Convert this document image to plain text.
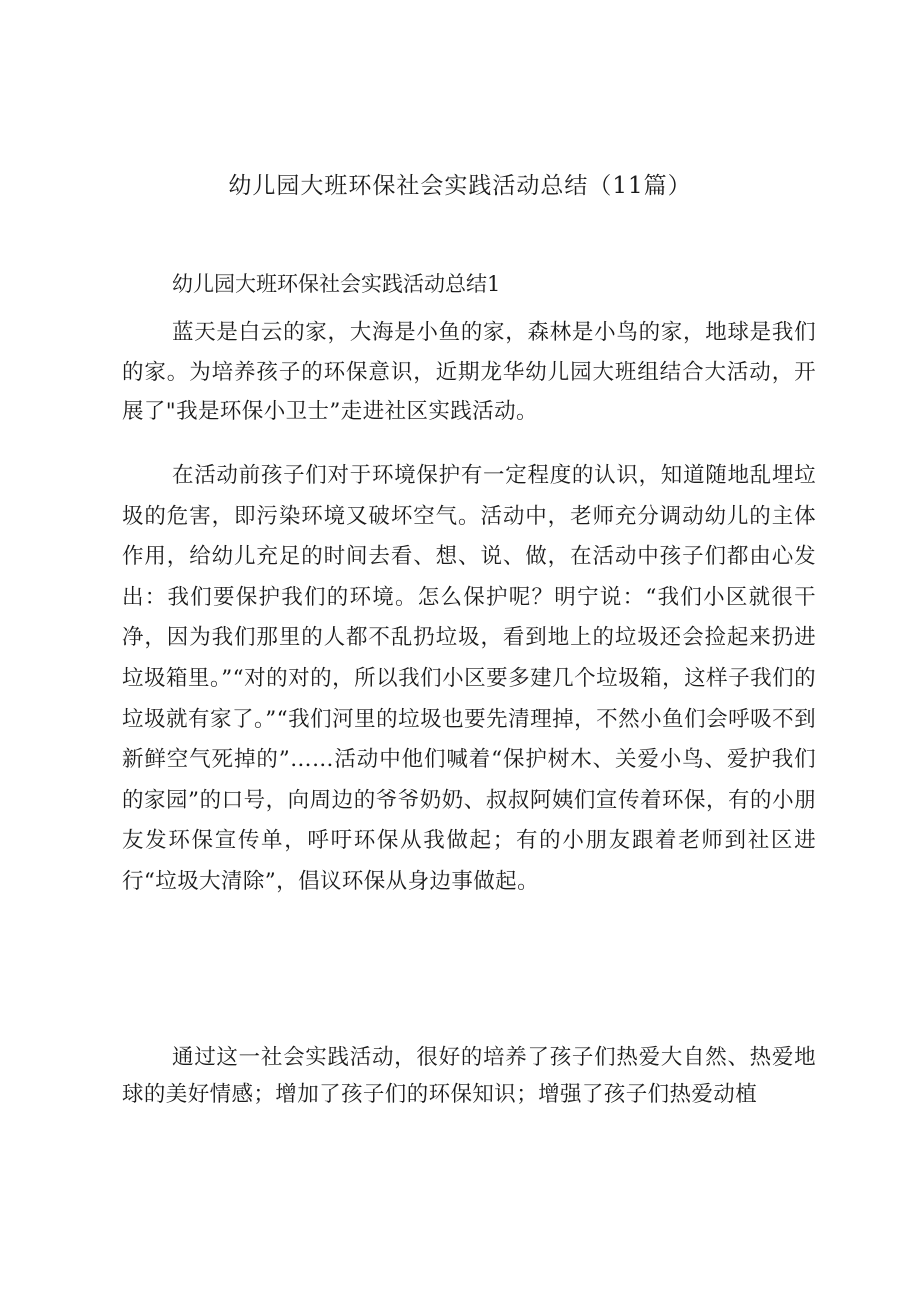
幼儿园大班环保社会实践活动总结（11篇）
幼儿园大班环保社会实践活动总结1

蓝天是白云的家，大海是小鱼的家，森林是小鸟的家，地球是我们的家。为培养孩子的环保意识，近期龙华幼儿园大班组结合大活动，开展了"我是环保小卫士”走进社区实践活动。

在活动前孩子们对于环境保护有一定程度的认识，知道随地乱埋垃圾的危害，即污染环境又破坏空气。活动中，老师充分调动幼儿的主体作用，给幼儿充足的时间去看、想、说、做，在活动中孩子们都由心发出：我们要保护我们的环境。怎么保护呢？明宁说：“我们小区就很干净，因为我们那里的人都不乱扔垃圾，看到地上的垃圾还会捡起来扔进垃圾箱里。”“对的对的，所以我们小区要多建几个垃圾箱，这样子我们的垃圾就有家了。”“我们河里的垃圾也要先清理掉，不然小鱼们会呼吸不到新鲜空气死掉的”……活动中他们喊着“保护树木、关爱小鸟、爱护我们的家园”的口号，向周边的爷爷奶奶、叔叔阿姨们宣传着环保，有的小朋友发环保宣传单，呼吁环保从我做起；有的小朋友跟着老师到社区进行“垃圾大清除”，倡议环保从身边事做起。

通过这一社会实践活动，很好的培养了孩子们热爱大自然、热爱地球的美好情感；增加了孩子们的环保知识；增强了孩子们热爱动植
